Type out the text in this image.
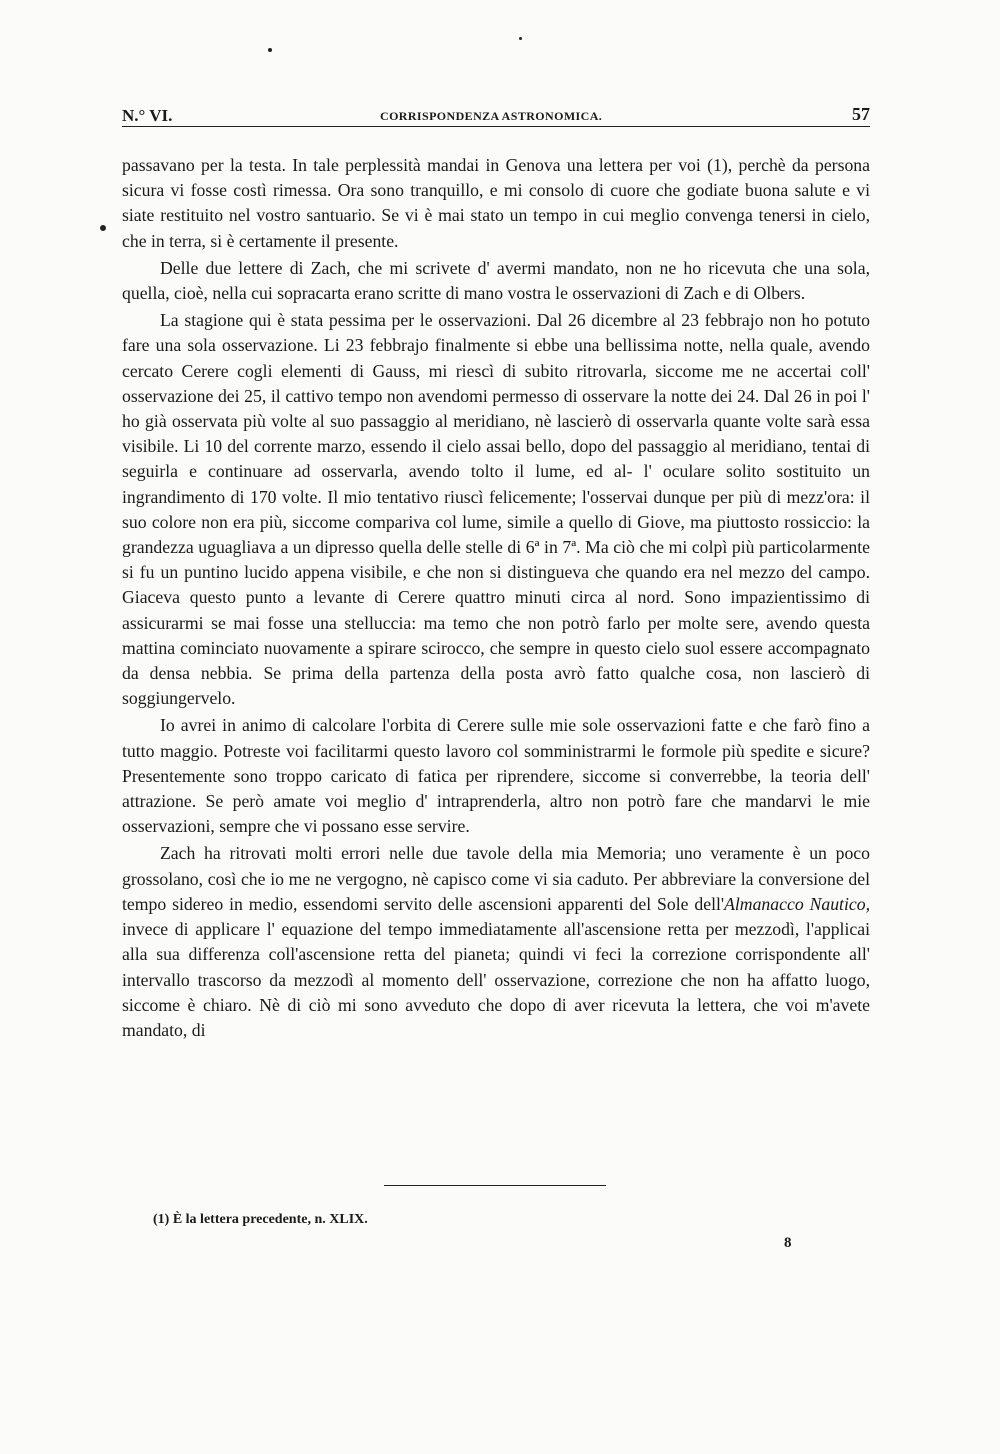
N.° VI.	CORRISPONDENZA ASTRONOMICA.	57

passavano per la testa. In tale perplessità mandai in Genova una lettera per voi (1), perchè da persona sicura vi fosse costì rimessa. Ora sono tranquillo, e mi consolo di cuore che godiate buona salute e vi siate restituito nel vostro santuario. Se vi è mai stato un tempo in cui meglio convenga tenersi in cielo, che in terra, si è certamente il presente.

Delle due lettere di Zach, che mi scrivete d' avermi mandato, non ne ho ricevuta che una sola, quella, cioè, nella cui sopracarta erano scritte di mano vostra le osservazioni di Zach e di Olbers.

La stagione qui è stata pessima per le osservazioni. Dal 26 dicembre al 23 febbrajo non ho potuto fare una sola osservazione. Li 23 febbrajo finalmente si ebbe una bellissima notte, nella quale, avendo cercato Cerere cogli elementi di Gauss, mi riescì di subito ritrovarla, siccome me ne accertai coll' osservazione dei 25, il cattivo tempo non avendomi permesso di osservare la notte dei 24. Dal 26 in poi l' ho già osservata più volte al suo passaggio al meridiano, nè lascierò di osservarla quante volte sarà essa visibile. Li 10 del corrente marzo, essendo il cielo assai bello, dopo del passaggio al meridiano, tentai di seguirla e continuare ad osservarla, avendo tolto il lume, ed al- l' oculare solito sostituito un ingrandimento di 170 volte. Il mio tentativo riuscì felicemente; l'osservai dunque per più di mezz'ora: il suo colore non era più, siccome compariva col lume, simile a quello di Giove, ma piuttosto rossiccio: la grandezza uguagliava a un dipresso quella delle stelle di 6ª in 7ª. Ma ciò che mi colpì più particolarmente si fu un puntino lucido appena visibile, e che non si distingueva che quando era nel mezzo del campo. Giaceva questo punto a levante di Cerere quattro minuti circa al nord. Sono impazientissimo di assicurarmi se mai fosse una stelluccia: ma temo che non potrò farlo per molte sere, avendo questa mattina cominciato nuovamente a spirare scirocco, che sempre in questo cielo suol essere accompagnato da densa nebbia. Se prima della partenza della posta avrò fatto qualche cosa, non lascierò di soggiungervelo.

Io avrei in animo di calcolare l'orbita di Cerere sulle mie sole osservazioni fatte e che farò fino a tutto maggio. Potreste voi facilitarmi questo lavoro col somministrarmi le formole più spedite e sicure? Presentemente sono troppo caricato di fatica per riprendere, siccome si converrebbe, la teoria dell' attrazione. Se però amate voi meglio d' intraprenderla, altro non potrò fare che mandarvi le mie osservazioni, sempre che vi possano esse servire.

Zach ha ritrovati molti errori nelle due tavole della mia Memoria; uno veramente è un poco grossolano, così che io me ne vergogno, nè capisco come vi sia caduto. Per abbreviare la conversione del tempo sidereo in medio, essendomi servito delle ascensioni apparenti del Sole dell'Almanacco Nautico, invece di applicare l' equazione del tempo immediatamente all'ascensione retta per mezzodì, l'applicai alla sua differenza coll'ascensione retta del pianeta; quindi vi feci la correzione corrispondente all' intervallo trascorso da mezzodì al momento dell' osservazione, correzione che non ha affatto luogo, siccome è chiaro. Nè di ciò mi sono avveduto che dopo di aver ricevuta la lettera, che voi m'avete mandato, di

(1) È la lettera precedente, n. XLIX.
8
